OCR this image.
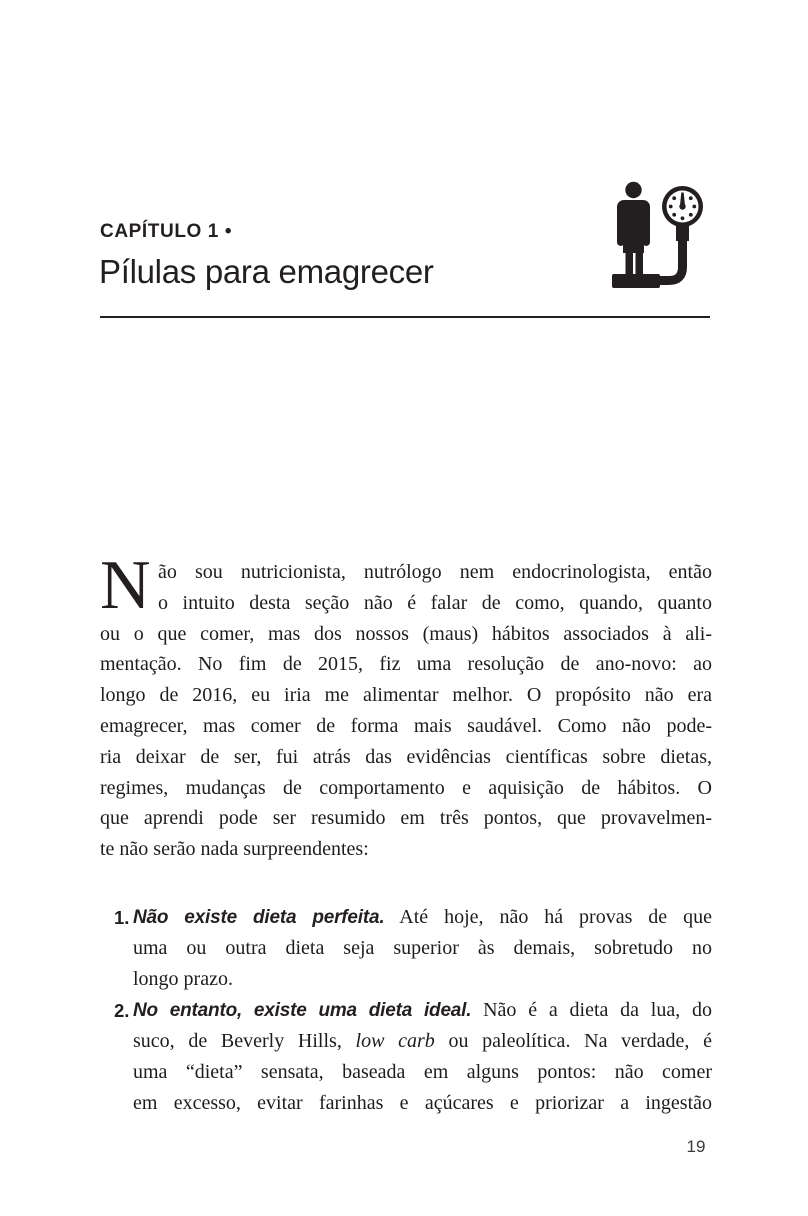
CAPÍTULO 1 •
Pílulas para emagrecer
N ão sou nutricionista, nutrólogo nem endocrinologista, então
o intuito desta seção não é falar de como, quando, quanto
ou o que comer, mas dos nossos (maus) hábitos associados à ali-
mentação. No fim de 2015, fiz uma resolução de ano-novo: ao
longo de 2016, eu iria me alimentar melhor. O propósito não era
emagrecer, mas comer de forma mais saudável. Como não pode-
ria deixar de ser, fui atrás das evidências científicas sobre dietas,
regimes, mudanças de comportamento e aquisição de hábitos. O
que aprendi pode ser resumido em três pontos, que provavelmen-
te não serão nada surpreendentes:
1. Não existe dieta perfeita. Até hoje, não há provas de que
uma ou outra dieta seja superior às demais, sobretudo no
longo prazo.
2. No entanto, existe uma dieta ideal. Não é a dieta da lua, do
suco, de Beverly Hills, low carb ou paleolítica. Na verdade, é
uma “dieta” sensata, baseada em alguns pontos: não comer
em excesso, evitar farinhas e açúcares e priorizar a ingestão
19
